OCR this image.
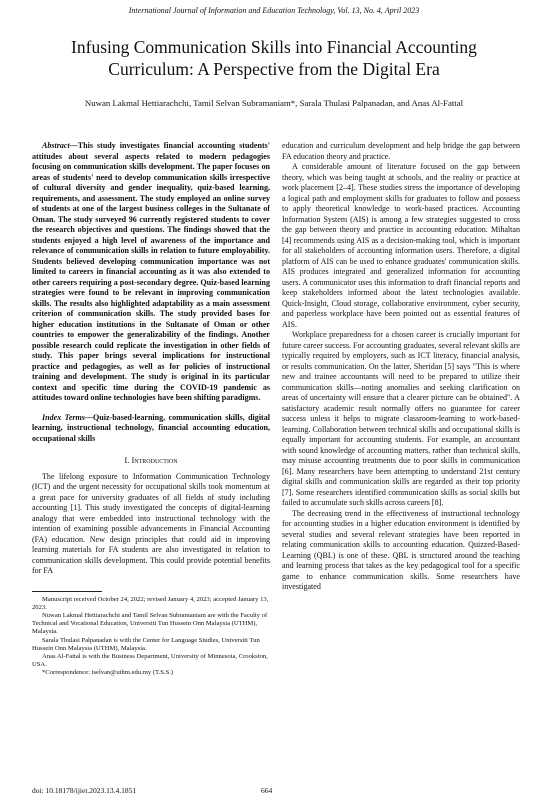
International Journal of Information and Education Technology, Vol. 13, No. 4, April 2023
Infusing Communication Skills into Financial Accounting
Curriculum: A Perspective from the Digital Era
Nuwan Lakmal Hettiarachchi, Tamil Selvan Subramaniam*, Sarala Thulasi Palpanadan, and Anas Al-Fattal

Abstract—This study investigates financial accounting students' attitudes about several aspects related to modern pedagogies focusing on communication skills development. The paper focuses on areas of students' need to develop communication skills irrespective of cultural diversity and gender inequality, quiz-based learning, requirements, and assessment. The study employed an online survey of students at one of the largest business colleges in the Sultanate of Oman. The study surveyed 96 currently registered students to cover the research objectives and questions. The findings showed that the students enjoyed a high level of awareness of the importance and relevance of communication skills in relation to future employability. Students believed developing communication importance was not limited to careers in financial accounting as it was also extended to other careers requiring a post-secondary degree. Quiz-based learning strategies were found to be relevant in improving communication skills. The results also highlighted adaptability as a main assessment criterion of communication skills. The study provided bases for higher education institutions in the Sultanate of Oman or other countries to empower the generalizability of the findings. Another possible research could replicate the investigation in other fields of study. This paper brings several implications for instructional practice and pedagogies, as well as for policies of instructional training and development. The study is original in its particular context and specific time during the COVID-19 pandemic as attitudes toward online technologies have been shifting paradigms.

Index Terms—Quiz-based-learning, communication skills, digital learning, instructional technology, financial accounting education, occupational skills

I. Introduction

The lifelong exposure to Information Communication Technology (ICT) and the urgent necessity for occupational skills took momentum at a great pace for university graduates of all fields of study including accounting [1]. This study investigated the concepts of digital-learning analogy that were embedded into instructional technology with the intention of examining possible advancements in Financial Accounting (FA) education. New design principles that could aid in improving learning materials for FA students are also investigated in relation to communication skills development. This could provide potential benefits for FA

Manuscript received October 24, 2022; revised January 4, 2023; accepted January 13, 2023.

Nuwan Lakmal Hettiarachchi and Tamil Selvan Subramaniam are with the Faculty of Technical and Vocational Education, Universiti Tun Hussein Onn Malaysia (UTHM), Malaysia.

Sarala Thulasi Palpanadan is with the Center for Language Studies, Universiti Tun Hussein Onn Malaysia (UTHM), Malaysia.

Anas Al-Fattal is with the Business Department, University of Minnesota, Crookston, USA.

*Correspondence: tselvan@uthm.edu.my (T.S.S.)

education and curriculum development and help bridge the gap between FA education theory and practice.

A considerable amount of literature focused on the gap between theory, which was being taught at schools, and the reality or practice at work placement [2–4]. These studies stress the importance of developing a logical path and employment skills for graduates to follow and possess to apply theoretical knowledge to work-based practices. Accounting Information System (AIS) is among a few strategies suggested to cross the gap between theory and practice in accounting education. Mihaltan [4] recommends using AIS as a decision-making tool, which is important for all stakeholders of accounting information users. Therefore, a digital platform of AIS can be used to enhance graduates' communication skills. AIS produces integrated and generalized information for accounting users. A communicator uses this information to draft financial reports and keep stakeholders informed about the latest technologies available. Quick-Insight, Cloud storage, collaborative environment, cyber security, and paperless workplace have been pointed out as essential features of AIS.

Workplace preparedness for a chosen career is crucially important for future career success. For accounting graduates, several relevant skills are typically required by employers, such as ICT literacy, financial analysis, or results communication. On the latter, Sheridan [5] says "This is where new and trainee accountants will need to be prepared to utilize their communication skills—noting anomalies and seeking clarification on areas of uncertainty will ensure that a clearer picture can be obtained". A satisfactory academic result normally offers no guarantee for career success unless it helps to migrate classroom-learning to work-based-learning. Collaboration between technical skills and occupational skills is equally important for accounting students. For example, an accountant with sound knowledge of accounting matters, rather than technical skills, may misuse accounting treatments due to poor skills in communication [6]. Many researchers have been attempting to understand 21st century digital skills and communication skills are regarded as their top priority [7]. Some researchers identified communication skills as social skills but failed to accumulate such skills across careers [8].

The decreasing trend in the effectiveness of instructional technology for accounting studies in a higher education environment is identified by several studies and several relevant strategies have been reported in relating communication skills to accounting education. Quizzed-Based-Learning (QBL) is one of these. QBL is structured around the teaching and learning process that takes as the key pedagogical tool for a specific game to enhance communication skills. Some researchers have investigated

doi: 10.18178/ijiet.2023.13.4.1851	664
